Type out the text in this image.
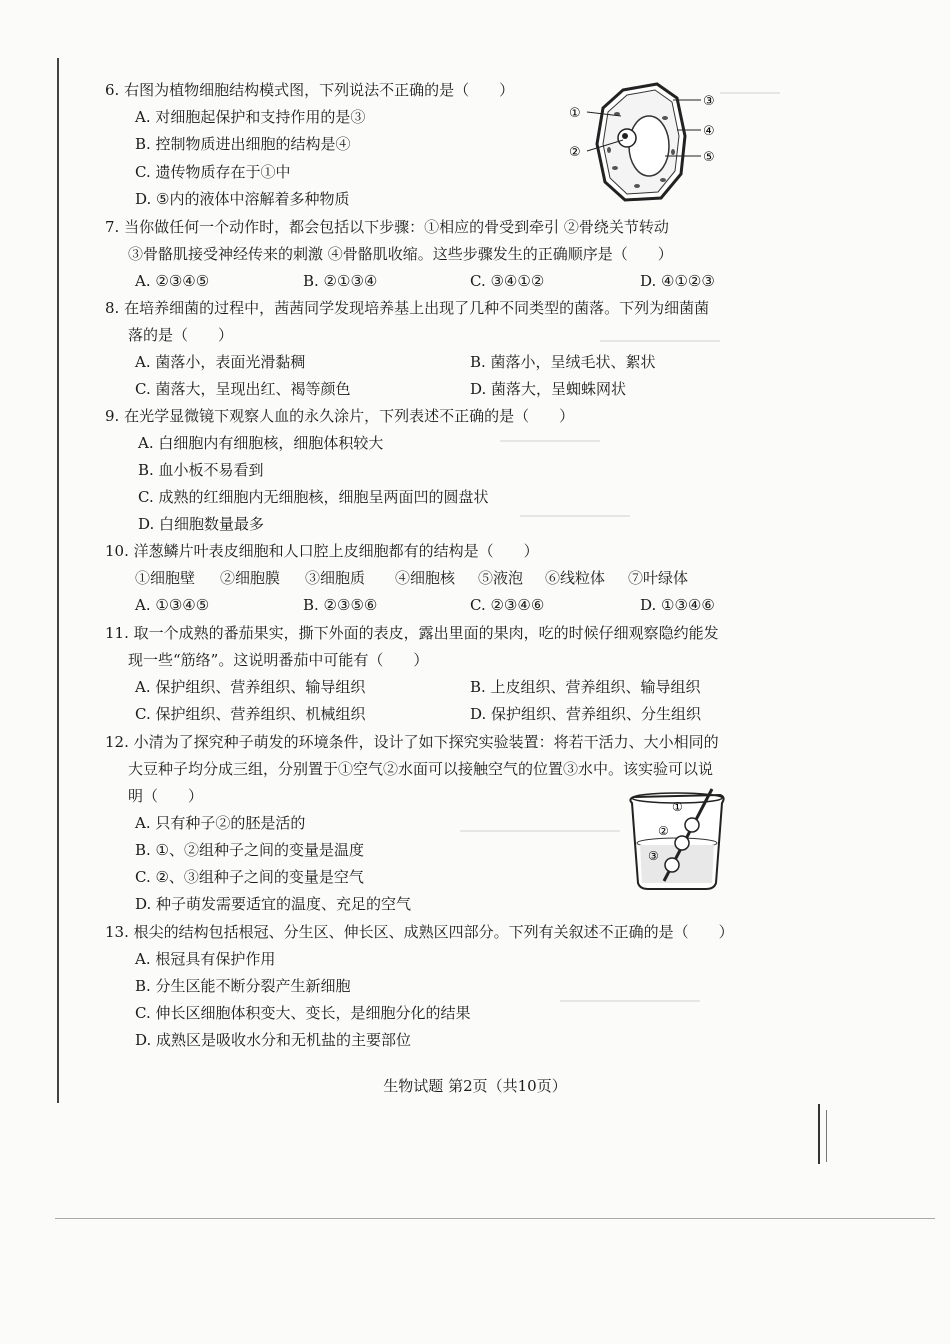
6. 右图为植物细胞结构模式图，下列说法不正确的是（　　）
A. 对细胞起保护和支持作用的是③
B. 控制物质进出细胞的结构是④
C. 遗传物质存在于①中
D. ⑤内的液体中溶解着多种物质
①
②
③
④
⑤
7. 当你做任何一个动作时，都会包括以下步骤：①相应的骨受到牵引 ②骨绕关节转动
③骨骼肌接受神经传来的刺激 ④骨骼肌收缩。这些步骤发生的正确顺序是（　　）
A. ②③④⑤	B. ②①③④	C. ③④①②	D. ④①②③
8. 在培养细菌的过程中，茜茜同学发现培养基上出现了几种不同类型的菌落。下列为细菌菌
落的是（　　）
A. 菌落小，表面光滑黏稠	B. 菌落小，呈绒毛状、絮状
C. 菌落大，呈现出红、褐等颜色	D. 菌落大，呈蜘蛛网状
9. 在光学显微镜下观察人血的永久涂片，下列表述不正确的是（　　）
A. 白细胞内有细胞核，细胞体积较大
B. 血小板不易看到
C. 成熟的红细胞内无细胞核，细胞呈两面凹的圆盘状
D. 白细胞数量最多
10. 洋葱鳞片叶表皮细胞和人口腔上皮细胞都有的结构是（　　）
①细胞壁 ②细胞膜 ③细胞质 ④细胞核 ⑤液泡 ⑥线粒体 ⑦叶绿体
A. ①③④⑤	B. ②③⑤⑥	C. ②③④⑥	D. ①③④⑥
11. 取一个成熟的番茄果实，撕下外面的表皮，露出里面的果肉，吃的时候仔细观察隐约能发
现一些“筋络”。这说明番茄中可能有（　　）
A. 保护组织、营养组织、输导组织	B. 上皮组织、营养组织、输导组织
C. 保护组织、营养组织、机械组织	D. 保护组织、营养组织、分生组织
12. 小清为了探究种子萌发的环境条件，设计了如下探究实验装置：将若干活力、大小相同的
大豆种子均分成三组，分别置于①空气②水面可以接触空气的位置③水中。该实验可以说
明（　　）
A. 只有种子②的胚是活的
B. ①、②组种子之间的变量是温度
C. ②、③组种子之间的变量是空气
D. 种子萌发需要适宜的温度、充足的空气
①
②
③
13. 根尖的结构包括根冠、分生区、伸长区、成熟区四部分。下列有关叙述不正确的是（　　）
A. 根冠具有保护作用
B. 分生区能不断分裂产生新细胞
C. 伸长区细胞体积变大、变长，是细胞分化的结果
D. 成熟区是吸收水分和无机盐的主要部位
生物试题 第2页（共10页）
